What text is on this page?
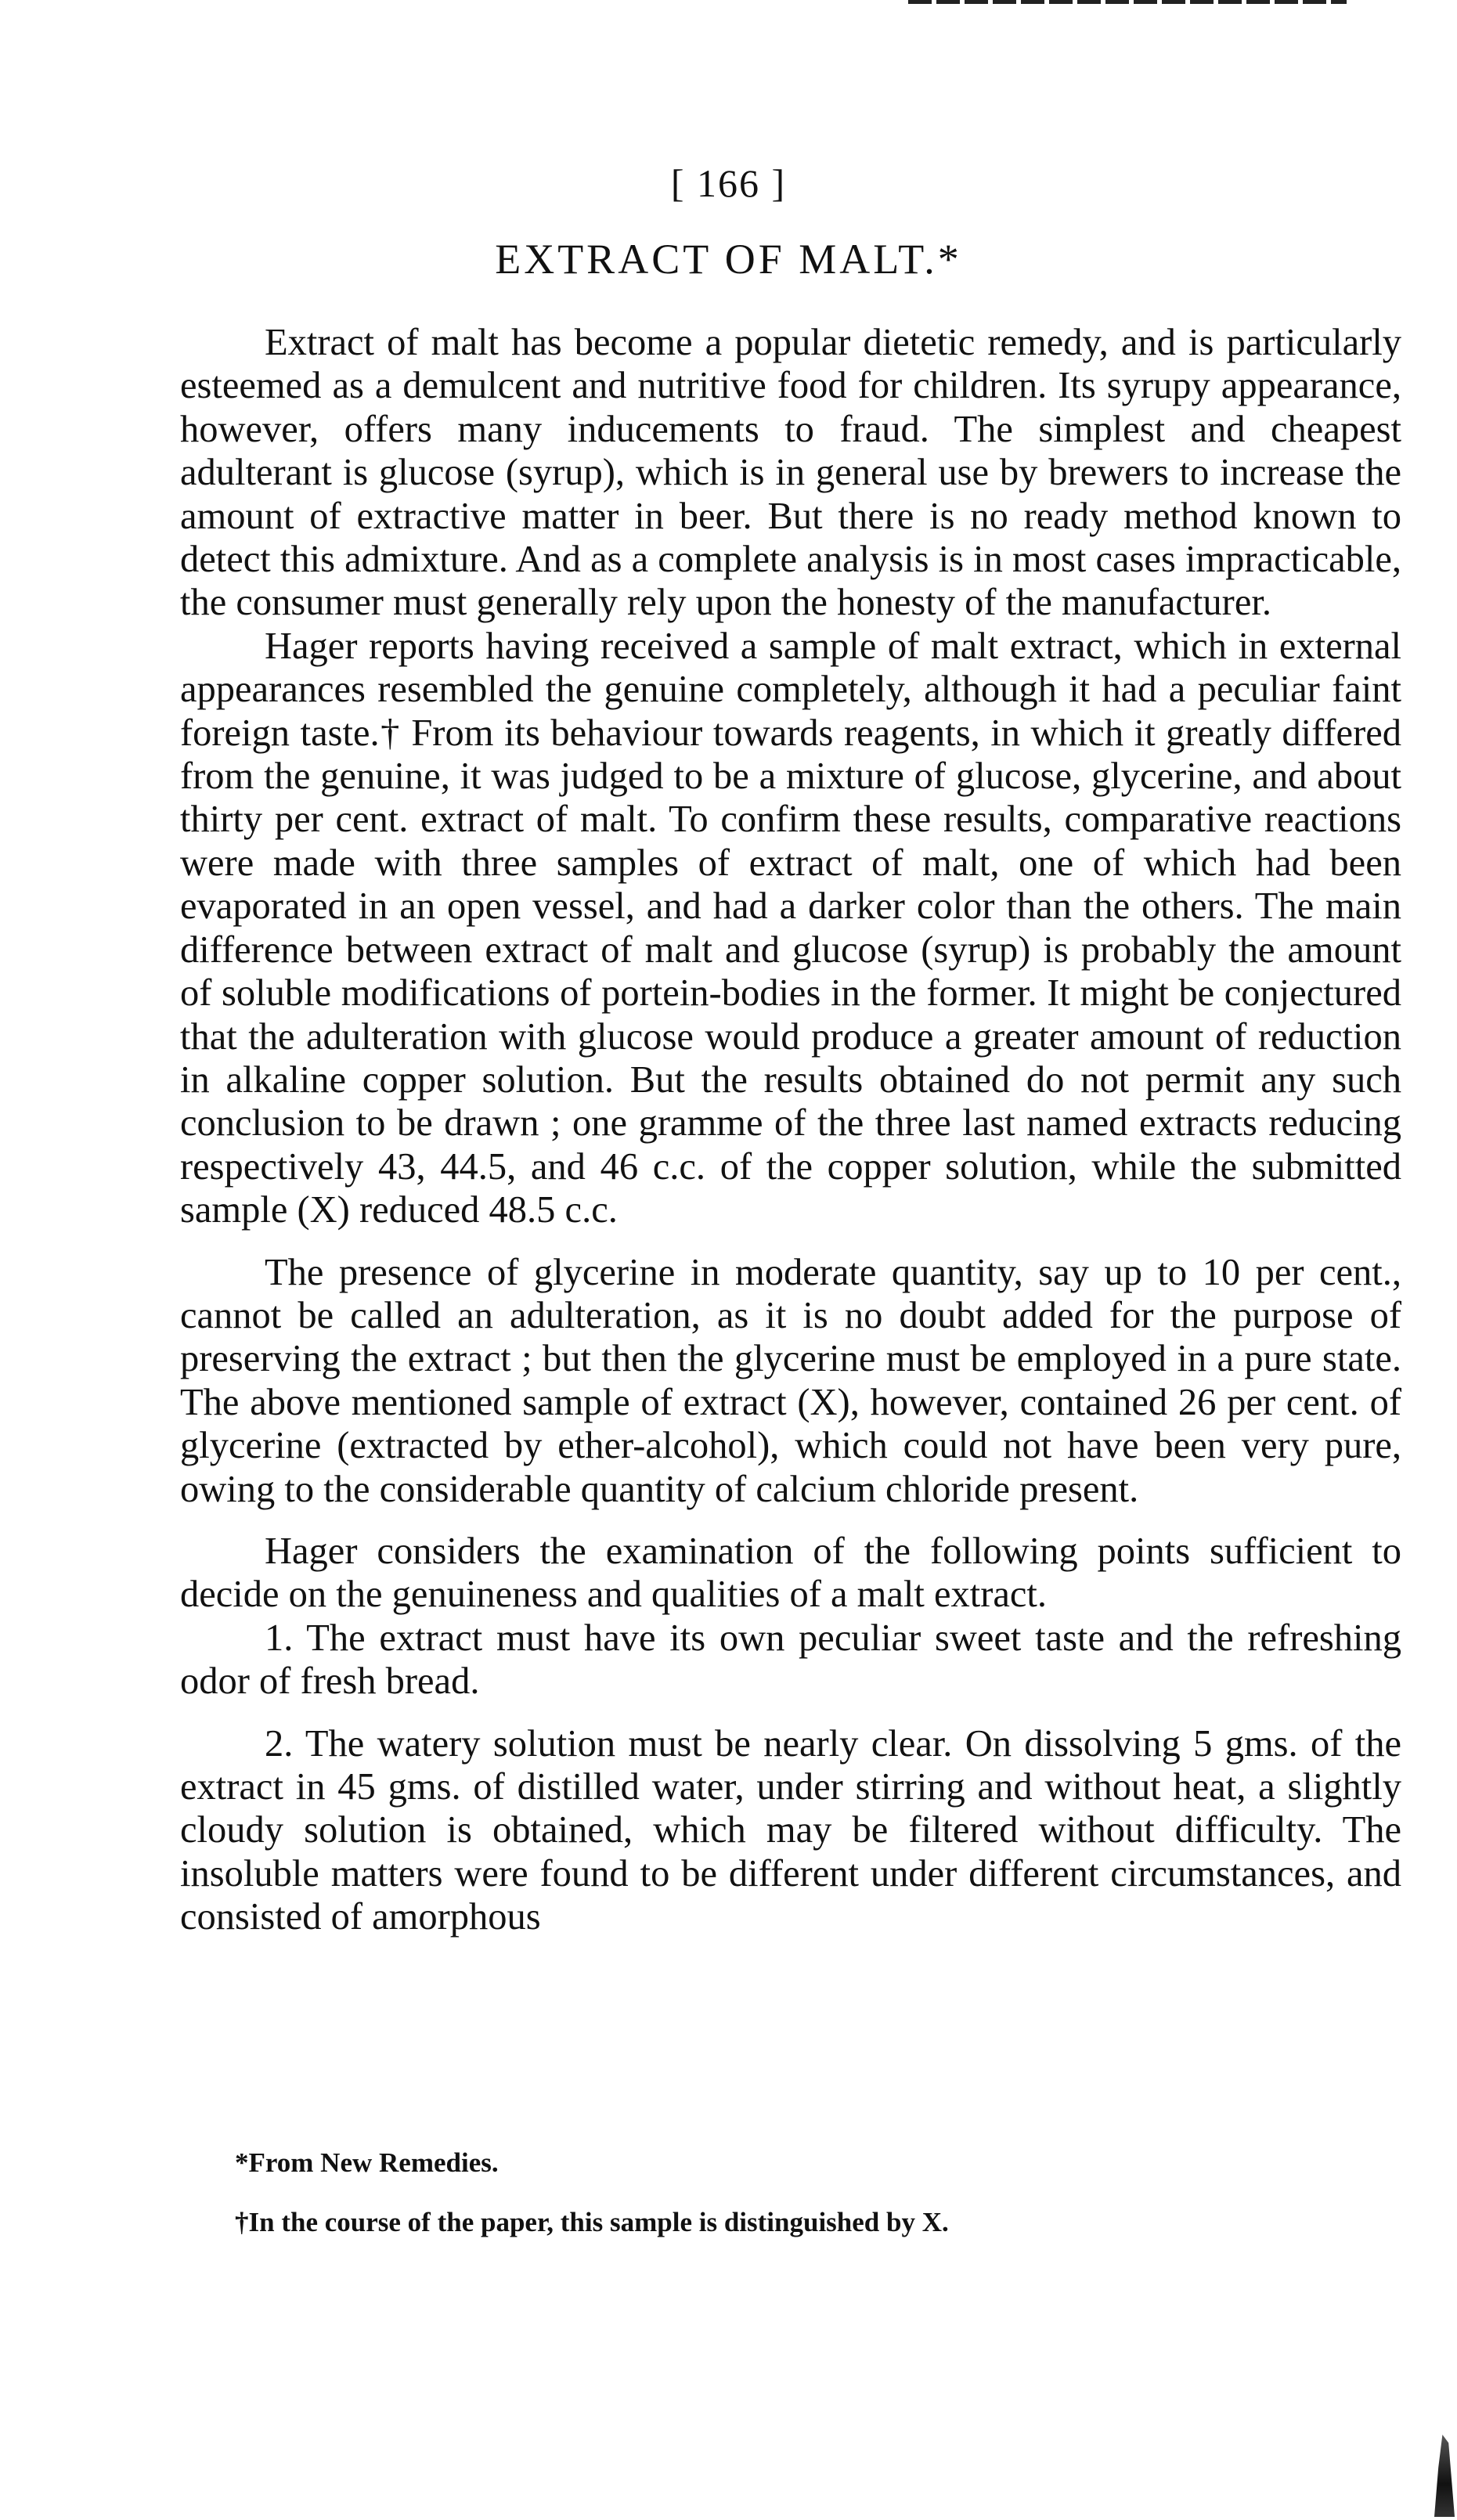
[ 166 ]
EXTRACT OF MALT.*

Extract of malt has become a popular dietetic remedy, and is particularly esteemed as a demulcent and nutritive food for children. Its syrupy appearance, however, offers many inducements to fraud. The simplest and cheapest adulterant is glucose (syrup), which is in general use by brewers to increase the amount of extractive matter in beer. But there is no ready method known to detect this admixture. And as a complete analysis is in most cases impracticable, the consumer must generally rely upon the honesty of the manufacturer.

Hager reports having received a sample of malt extract, which in external appearances resembled the genuine completely, although it had a peculiar faint foreign taste.† From its behaviour towards reagents, in which it greatly differed from the genuine, it was judged to be a mixture of glucose, glycerine, and about thirty per cent. extract of malt. To confirm these results, comparative reactions were made with three samples of extract of malt, one of which had been evaporated in an open vessel, and had a darker color than the others. The main difference between extract of malt and glucose (syrup) is probably the amount of soluble modifications of portein-bodies in the former. It might be conjectured that the adulteration with glucose would produce a greater amount of reduction in alkaline copper solution. But the results obtained do not permit any such conclusion to be drawn ; one gramme of the three last named extracts reducing respectively 43, 44.5, and 46 c.c. of the copper solution, while the submitted sample (X) reduced 48.5 c.c.

The presence of glycerine in moderate quantity, say up to 10 per cent., cannot be called an adulteration, as it is no doubt added for the purpose of preserving the extract ; but then the glycerine must be employed in a pure state. The above mentioned sample of extract (X), however, contained 26 per cent. of glycerine (extracted by ether-alcohol), which could not have been very pure, owing to the considerable quantity of calcium chloride present.

Hager considers the examination of the following points sufficient to decide on the genuineness and qualities of a malt extract.

1. The extract must have its own peculiar sweet taste and the refreshing odor of fresh bread.

2. The watery solution must be nearly clear. On dissolving 5 gms. of the extract in 45 gms. of distilled water, under stirring and without heat, a slightly cloudy solution is obtained, which may be filtered without difficulty. The insoluble matters were found to be different under different circumstances, and consisted of amorphous

*From New Remedies.

†In the course of the paper, this sample is distinguished by X.
